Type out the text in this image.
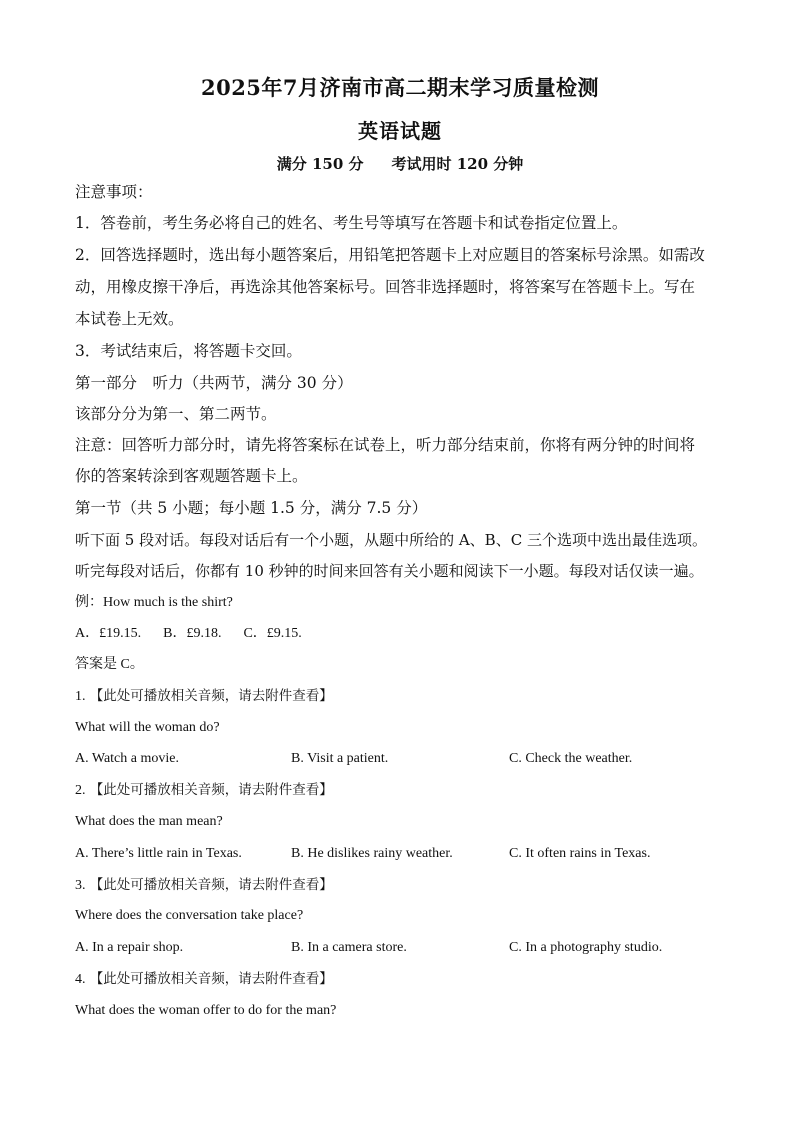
2025年7月济南市高二期末学习质量检测
英语试题
满分 150 分 考试用时 120 分钟
注意事项：
1．答卷前，考生务必将自己的姓名、考生号等填写在答题卡和试卷指定位置上。
2．回答选择题时，选出每小题答案后，用铅笔把答题卡上对应题目的答案标号涂黑。如需改
动，用橡皮擦干净后，再选涂其他答案标号。回答非选择题时，将答案写在答题卡上。写在
本试卷上无效。
3．考试结束后，将答题卡交回。
第一部分　听力（共两节，满分 30 分）
该部分分为第一、第二两节。
注意：回答听力部分时，请先将答案标在试卷上，听力部分结束前，你将有两分钟的时间将
你的答案转涂到客观题答题卡上。
第一节（共 5 小题；每小题 1.5 分，满分 7.5 分）
听下面 5 段对话。每段对话后有一个小题，从题中所给的 A、B、C 三个选项中选出最佳选项。
听完每段对话后，你都有 10 秒钟的时间来回答有关小题和阅读下一小题。每段对话仅读一遍。
例：How much is the shirt?
A．£19.15. B．£9.18. C．£9.15.
答案是 C。
1. 【此处可播放相关音频，请去附件查看】
What will the woman do?
A. Watch a movie.	B. Visit a patient.	C. Check the weather.
2. 【此处可播放相关音频，请去附件查看】
What does the man mean?
A. There’s little rain in Texas.	B. He dislikes rainy weather.	C. It often rains in Texas.
3. 【此处可播放相关音频，请去附件查看】
Where does the conversation take place?
A. In a repair shop.	B. In a camera store.	C. In a photography studio.
4. 【此处可播放相关音频，请去附件查看】
What does the woman offer to do for the man?
